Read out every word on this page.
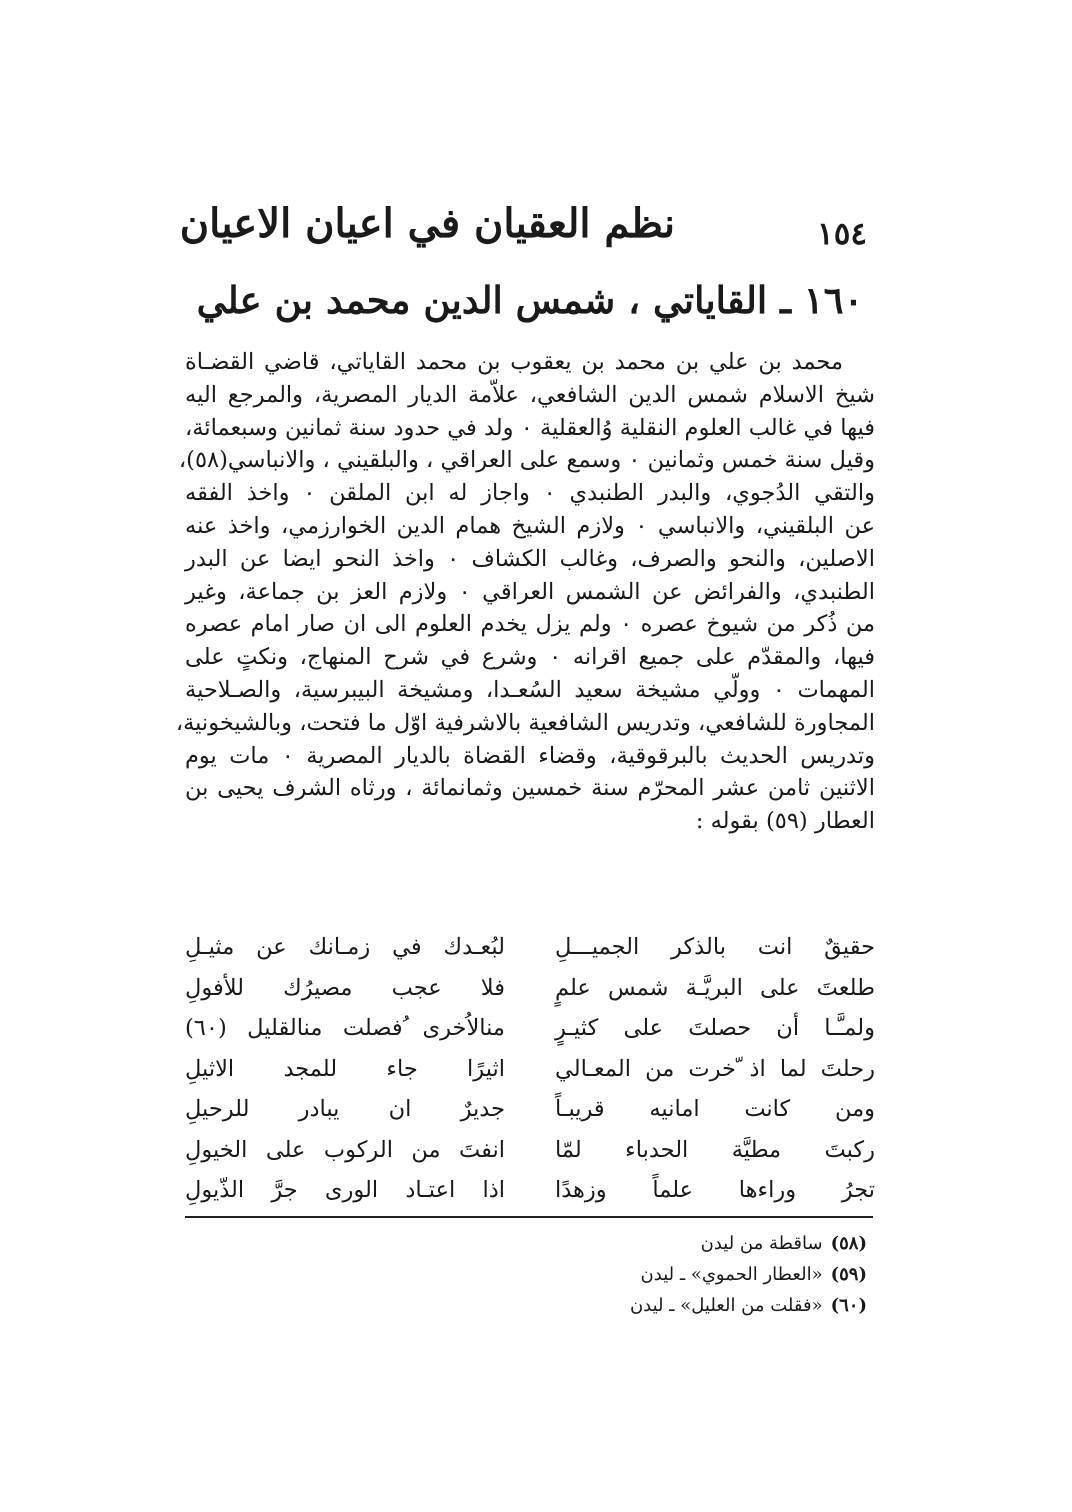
١٥٤
نظم العقيان في اعيان الاعيان
١٦٠ ـ القاياتي ، شمس الدين محمد بن علي
محمد بن علي بن محمد بن يعقوب بن محمد القاياتي، قاضي القضـاة
شيخ الاسلام شمس الدين الشافعي، علاّمة الديار المصرية، والمرجع اليه
فيها في غالب العلوم النقلية وُالعقلية ٠ ولد في حدود سنة ثمانين وسبعمائة،
وقيل سنة خمس وثمانين ٠ وسمع على العراقي ، والبلقيني ، والانباسي(٥٨)،
والتقي الدُجوي، والبدر الطنبدي ٠ واجاز له ابن الملقن ٠ واخذ الفقه
عن البلقيني، والانباسي ٠ ولازم الشيخ همام الدين الخوارزمي، واخذ عنه
الاصلين، والنحو والصرف، وغالب الكشاف ٠ واخذ النحو ايضا عن البدر
الطنبدي، والفرائض عن الشمس العراقي ٠ ولازم العز بن جماعة، وغير
من ذُكر من شيوخ عصره ٠ ولم يزل يخدم العلوم الى ان صار امام عصره
فيها، والمقدّم على جميع اقرانه ٠ وشرع في شرح المنهاج، ونكتٍ على
المهمات ٠ وولّي مشيخة سعيد السُعـدا، ومشيخة البيبرسية، والصـلاحية
المجاورة للشافعي، وتدريس الشافعية بالاشرفية اوّل ما فتحت، وبالشيخونية،
وتدريس الحديث بالبرقوقية، وقضاء القضاة بالديار المصرية ٠ مات يوم
الاثنين ثامن عشر المحرّم سنة خمسين وثمانمائة ، ورثاه الشرف يحيى بن
العطار (٥٩) بقوله :
حقيقٌ انت بالذكر الجميـــلِ
لبُعـدك في زمـانك عن مثيـلِ
طلعتَ على البريَّـة شمس علمٍ
فلا عجب مصيرُك للأفولِ
ولمـَّـا أن حصلتَ على كثيـرٍ
منالاُخرى ُفصلت منالقليل (٦٠)
رحلتَ لما اذ ّخرت من المعـالي
اثيرًا جاء للمجد الاثيلِ
ومن كانت امانيه قريبـاً
جديرٌ ان يبادر للرحيلِ
ركبتَ مطيَّة الحدباء لمّا
انفتَ من الركوب على الخيولِ
تجرُ وراءها علماً وزهدًا
اذا اعتـاد الورى جرَّ الذّيولِ
(٥٨)ساقطة من ليدن
(٥٩)«العطار الحموي» ـ ليدن
(٦٠)«فقلت من العليل» ـ ليدن
